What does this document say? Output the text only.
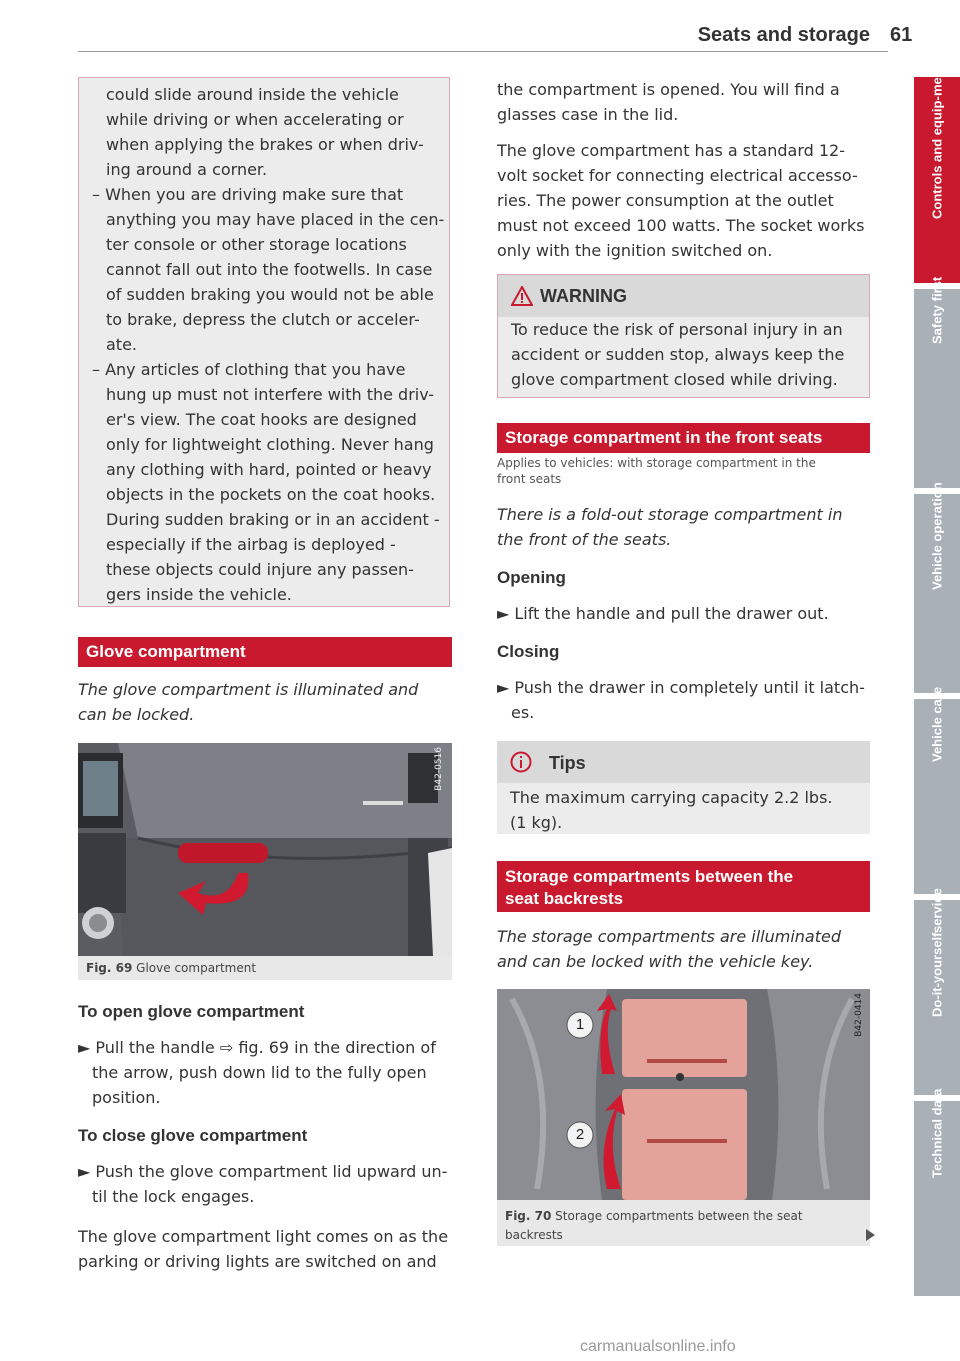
Seats and storage 61
could slide around inside the vehicle
while driving or when accelerating or
when applying the brakes or when driv-
ing around a corner.
– When you are driving make sure that
anything you may have placed in the cen-
ter console or other storage locations
cannot fall out into the footwells. In case
of sudden braking you would not be able
to brake, depress the clutch or acceler-
ate.
– Any articles of clothing that you have
hung up must not interfere with the driv-
er's view. The coat hooks are designed
only for lightweight clothing. Never hang
any clothing with hard, pointed or heavy
objects in the pockets on the coat hooks.
During sudden braking or in an accident -
especially if the airbag is deployed -
these objects could injure any passen-
gers inside the vehicle.
Glove compartment
The glove compartment is illuminated and
can be locked.
B42-0516
Fig. 69 Glove compartment
To open glove compartment
► Pull the handle ⇨ fig. 69 in the direction of
the arrow, push down lid to the fully open
position.
To close glove compartment
► Push the glove compartment lid upward un-
til the lock engages.
The glove compartment light comes on as the
parking or driving lights are switched on and
the compartment is opened. You will find a
glasses case in the lid.
The glove compartment has a standard 12-
volt socket for connecting electrical accesso-
ries. The power consumption at the outlet
must not exceed 100 watts. The socket works
only with the ignition switched on.
WARNING
To reduce the risk of personal injury in an
accident or sudden stop, always keep the
glove compartment closed while driving.
Storage compartment in the front seats
Applies to vehicles: with storage compartment in the
front seats
There is a fold-out storage compartment in
the front of the seats.
Opening
► Lift the handle and pull the drawer out.
Closing
► Push the drawer in completely until it latch-
es.
Tips
The maximum carrying capacity 2.2 lbs.
(1 kg).
Storage compartments between the
seat backrests
The storage compartments are illuminated
and can be locked with the vehicle key.
1
2
B42-0414
Fig. 70 Storage compartments between the seat
backrests
Controls and equip-
ment
Safety first
Vehicle operation
Vehicle care
Do-it-yourself
service
Technical data
carmanualsonline.info
